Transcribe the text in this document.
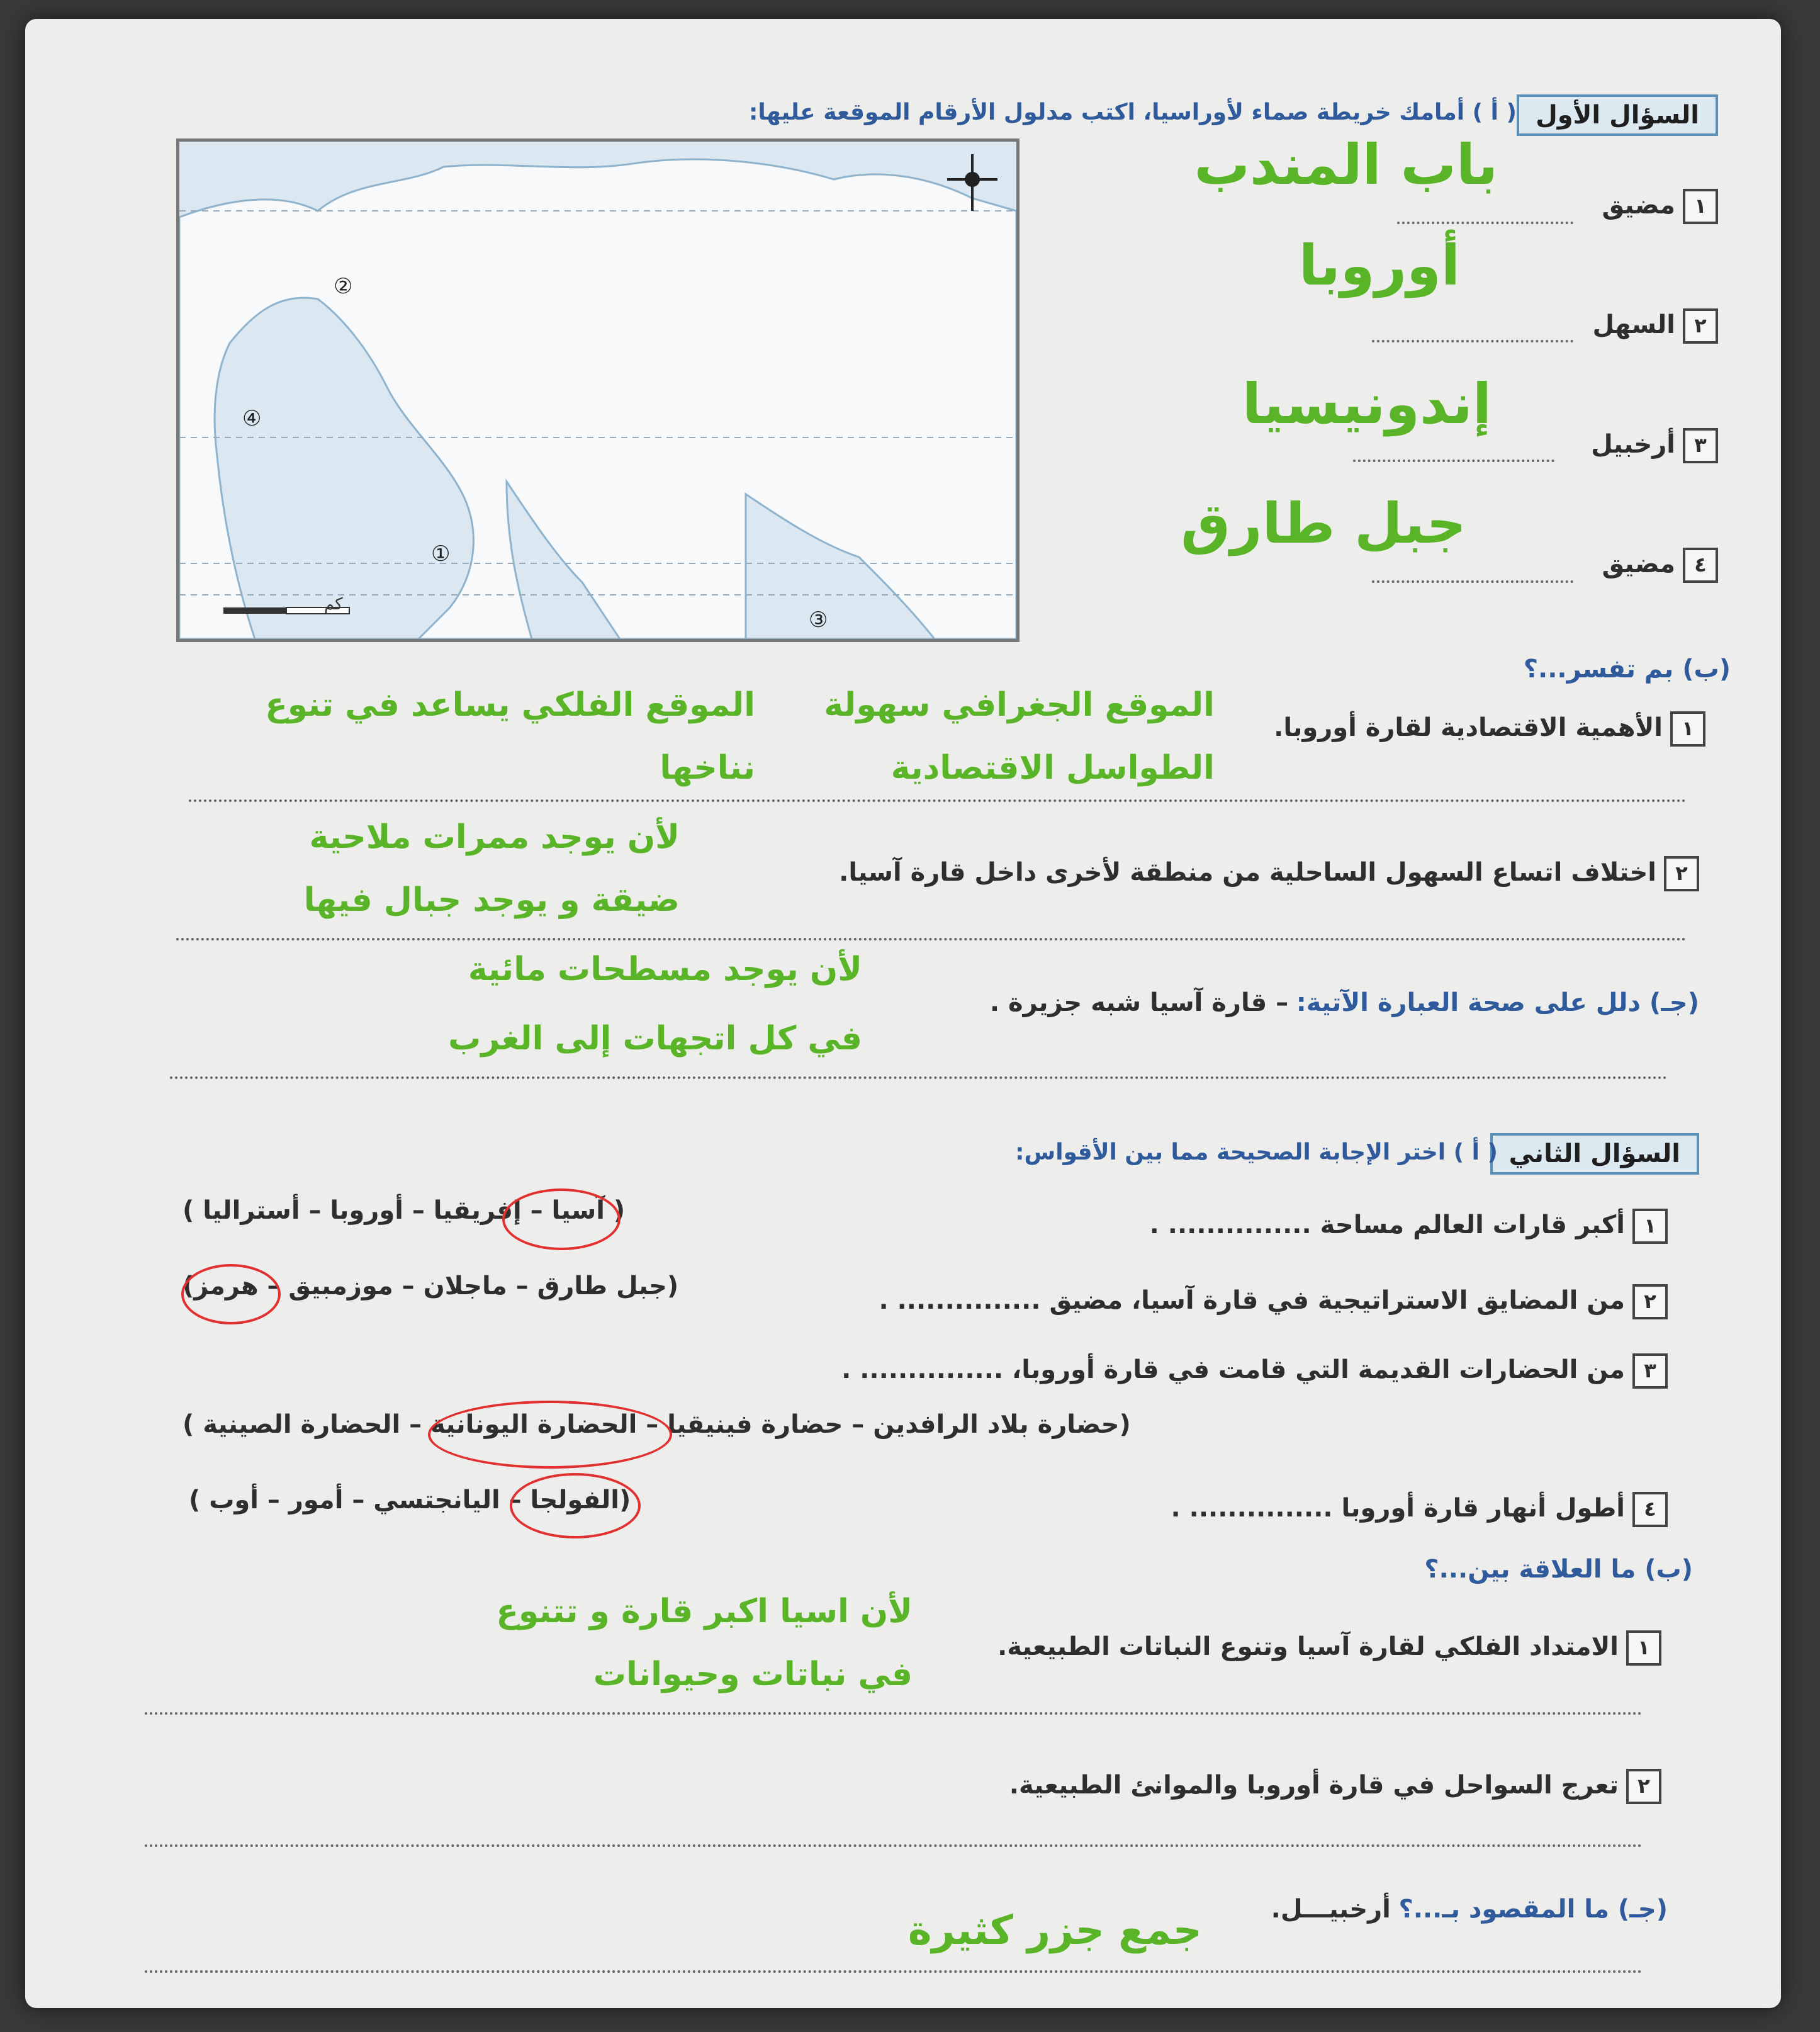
السؤال الأول
( أ ) أمامك خريطة صماء لأوراسيا، اكتب مدلول الأرقام الموقعة عليها:
كم
①
②
③
④
١مضيق
باب المندب
٢السهل
أوروبا
٣أرخبيل
إندونيسيا
٤مضيق
جبل طارق
(ب) بم تفسر...؟
١الأهمية الاقتصادية لقارة أوروبا.
الموقع الجغرافي سهولة
الطواسل الاقتصادية
الموقع الفلكي يساعد في تنوع
نناخها
٢اختلاف اتساع السهول الساحلية من منطقة لأخرى داخل قارة آسيا.
لأن يوجد ممرات ملاحية
ضيقة و يوجد جبال فيها
(جـ) دلل على صحة العبارة الآتية: – قارة آسيا شبه جزيرة .
لأن يوجد مسطحات مائية
في كل اتجهات إلى الغرب
السؤال الثاني
( أ ) اختر الإجابة الصحيحة مما بين الأقواس:
١أكبر قارات العالم مساحة ............... .
( آسيا – إفريقيا – أوروبا – أستراليا )
٢من المضايق الاستراتيجية في قارة آسيا، مضيق ............... .
(جبل طارق – ماجلان – موزمبيق – هرمز)
٣من الحضارات القديمة التي قامت في قارة أوروبا، ............... .
(حضارة بلاد الرافدين – حضارة فينيقيا – الحضارة اليونانية – الحضارة الصينية )
٤أطول أنهار قارة أوروبا ............... .
(الفولجا – اليانجتسي – أمور – أوب )
(ب) ما العلاقة بين...؟
١الامتداد الفلكي لقارة آسيا وتنوع النباتات الطبيعية.
لأن اسيا اكبر قارة و تتنوع
في نباتات وحيوانات
٢تعرج السواحل في قارة أوروبا والموانئ الطبيعية.
(جـ) ما المقصود بـ...؟ أرخبيـــل.
جمع جزر كثيرة
